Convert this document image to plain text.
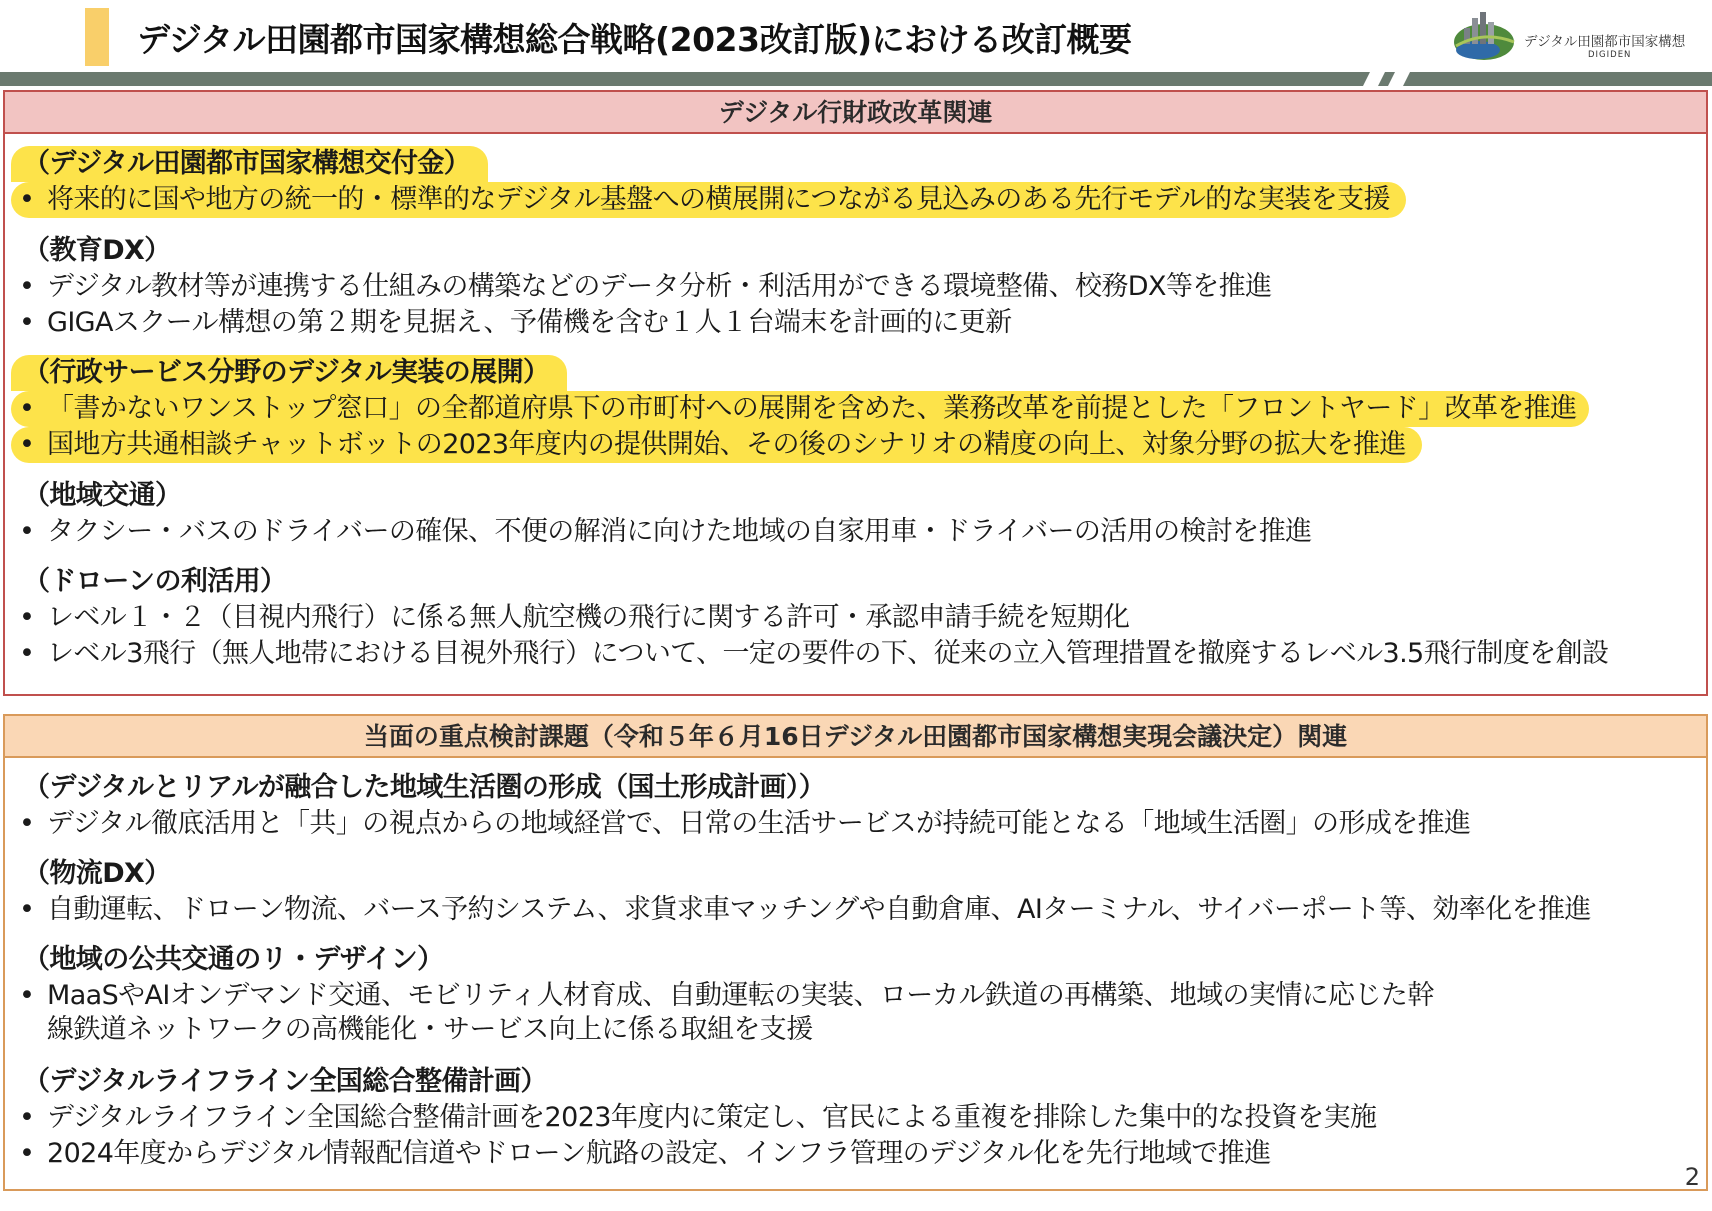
デジタル田園都市国家構想総合戦略(2023改訂版)における改訂概要	デジタル田園都市国家構想
DIGIDEN
デジタル行財政改革関連
（デジタル田園都市国家構想交付金）
• 将来的に国や地方の統一的・標準的なデジタル基盤への横展開につながる見込みのある先行モデル的な実装を支援
（教育DX）
• デジタル教材等が連携する仕組みの構築などのデータ分析・利活用ができる環境整備、校務DX等を推進
• GIGAスクール構想の第２期を見据え、予備機を含む１人１台端末を計画的に更新
（行政サービス分野のデジタル実装の展開）
• 「書かないワンストップ窓口」の全都道府県下の市町村への展開を含めた、業務改革を前提とした「フロントヤード」改革を推進
• 国地方共通相談チャットボットの2023年度内の提供開始、その後のシナリオの精度の向上、対象分野の拡大を推進
（地域交通）
• タクシー・バスのドライバーの確保、不便の解消に向けた地域の自家用車・ドライバーの活用の検討を推進
（ドローンの利活用）
• レベル１・２（目視内飛行）に係る無人航空機の飛行に関する許可・承認申請手続を短期化
• レベル3飛行（無人地帯における目視外飛行）について、一定の要件の下、従来の立入管理措置を撤廃するレベル3.5飛行制度を創設
当面の重点検討課題（令和５年６月16日デジタル田園都市国家構想実現会議決定）関連
（デジタルとリアルが融合した地域生活圏の形成（国土形成計画））
• デジタル徹底活用と「共」の視点からの地域経営で、日常の生活サービスが持続可能となる「地域生活圏」の形成を推進
（物流DX）
• 自動運転、ドローン物流、バース予約システム、求貨求車マッチングや自動倉庫、AIターミナル、サイバーポート等、効率化を推進
（地域の公共交通のリ・デザイン）
• MaaSやAIオンデマンド交通、モビリティ人材育成、自動運転の実装、ローカル鉄道の再構築、地域の実情に応じた幹
線鉄道ネットワークの高機能化・サービス向上に係る取組を支援
（デジタルライフライン全国総合整備計画）
• デジタルライフライン全国総合整備計画を2023年度内に策定し、官民による重複を排除した集中的な投資を実施
• 2024年度からデジタル情報配信道やドローン航路の設定、インフラ管理のデジタル化を先行地域で推進
2
